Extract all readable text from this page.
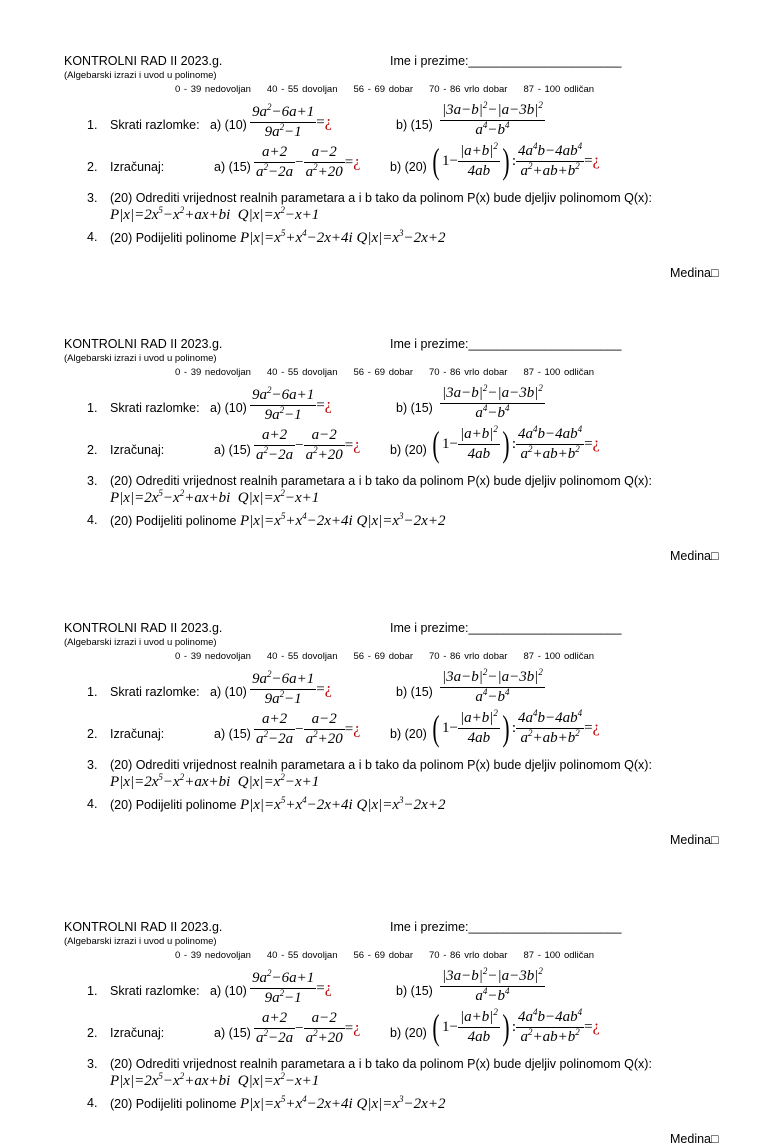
KONTROLNI RAD II 2023.g.	Ime i prezime:______________________
(Algebarski izrazi i uvod u polinome)
0 - 39 nedovoljan 40 - 55 dovoljan 56 - 69 dobar 70 - 86 vrlo dobar 87 - 100 odličan
1. Skrati razlomke: a) $(10) \frac{9a^2-6a+1}{9a^2-1}$ =¿	b) $(15) \frac{|3a-b|^2-|a-3b|^2}{a^4-b^4}$
2. Izračunaj:	a) $(15) \frac{a+2}{a^2-2a} - \frac{a-2}{a^2+20}$ =¿ b) (20) ( $1- \frac{|a+b|^2}{4ab}$ ) : $\frac{4a^4b-4ab^4}{a^2+ab+b^2}$ =¿
3. (20) Odrediti vrijednost realnih parametara a i b tako da polinom P(x) bude djeljiv polinomom Q(x):
$P|x|=2x^5-x^2+ax+bi$  $Q|x|=x^2-x+1$
4. (20) Podijeliti polinome $P|x|=x^5+x^4-2x+4i$ $Q|x|=x^3-2x+2$
Medina□
KONTROLNI RAD II 2023.g.	Ime i prezime:______________________
(Algebarski izrazi i uvod u polinome)
0 - 39 nedovoljan 40 - 55 dovoljan 56 - 69 dobar 70 - 86 vrlo dobar 87 - 100 odličan
1. Skrati razlomke: a) $(10) \frac{9a^2-6a+1}{9a^2-1}$ =¿	b) $(15) \frac{|3a-b|^2-|a-3b|^2}{a^4-b^4}$
2. Izračunaj:	a) $(15) \frac{a+2}{a^2-2a} - \frac{a-2}{a^2+20}$ =¿ b) (20) ( $1- \frac{|a+b|^2}{4ab}$ ) : $\frac{4a^4b-4ab^4}{a^2+ab+b^2}$ =¿
3. (20) Odrediti vrijednost realnih parametara a i b tako da polinom P(x) bude djeljiv polinomom Q(x):
$P|x|=2x^5-x^2+ax+bi$  $Q|x|=x^2-x+1$
4. (20) Podijeliti polinome $P|x|=x^5+x^4-2x+4i$ $Q|x|=x^3-2x+2$
Medina□
KONTROLNI RAD II 2023.g.	Ime i prezime:______________________
(Algebarski izrazi i uvod u polinome)
0 - 39 nedovoljan 40 - 55 dovoljan 56 - 69 dobar 70 - 86 vrlo dobar 87 - 100 odličan
1. Skrati razlomke: a) $(10) \frac{9a^2-6a+1}{9a^2-1}$ =¿	b) $(15) \frac{|3a-b|^2-|a-3b|^2}{a^4-b^4}$
2. Izračunaj:	a) $(15) \frac{a+2}{a^2-2a} - \frac{a-2}{a^2+20}$ =¿ b) (20) ( $1- \frac{|a+b|^2}{4ab}$ ) : $\frac{4a^4b-4ab^4}{a^2+ab+b^2}$ =¿
3. (20) Odrediti vrijednost realnih parametara a i b tako da polinom P(x) bude djeljiv polinomom Q(x):
$P|x|=2x^5-x^2+ax+bi$  $Q|x|=x^2-x+1$
4. (20) Podijeliti polinome $P|x|=x^5+x^4-2x+4i$ $Q|x|=x^3-2x+2$
Medina□
KONTROLNI RAD II 2023.g.	Ime i prezime:______________________
(Algebarski izrazi i uvod u polinome)
0 - 39 nedovoljan 40 - 55 dovoljan 56 - 69 dobar 70 - 86 vrlo dobar 87 - 100 odličan
1. Skrati razlomke: a) $(10) \frac{9a^2-6a+1}{9a^2-1}$ =¿	b) $(15) \frac{|3a-b|^2-|a-3b|^2}{a^4-b^4}$
2. Izračunaj:	a) $(15) \frac{a+2}{a^2-2a} - \frac{a-2}{a^2+20}$ =¿ b) (20) ( $1- \frac{|a+b|^2}{4ab}$ ) : $\frac{4a^4b-4ab^4}{a^2+ab+b^2}$ =¿
3. (20) Odrediti vrijednost realnih parametara a i b tako da polinom P(x) bude djeljiv polinomom Q(x):
$P|x|=2x^5-x^2+ax+bi$  $Q|x|=x^2-x+1$
4. (20) Podijeliti polinome $P|x|=x^5+x^4-2x+4i$ $Q|x|=x^3-2x+2$
Medina□
